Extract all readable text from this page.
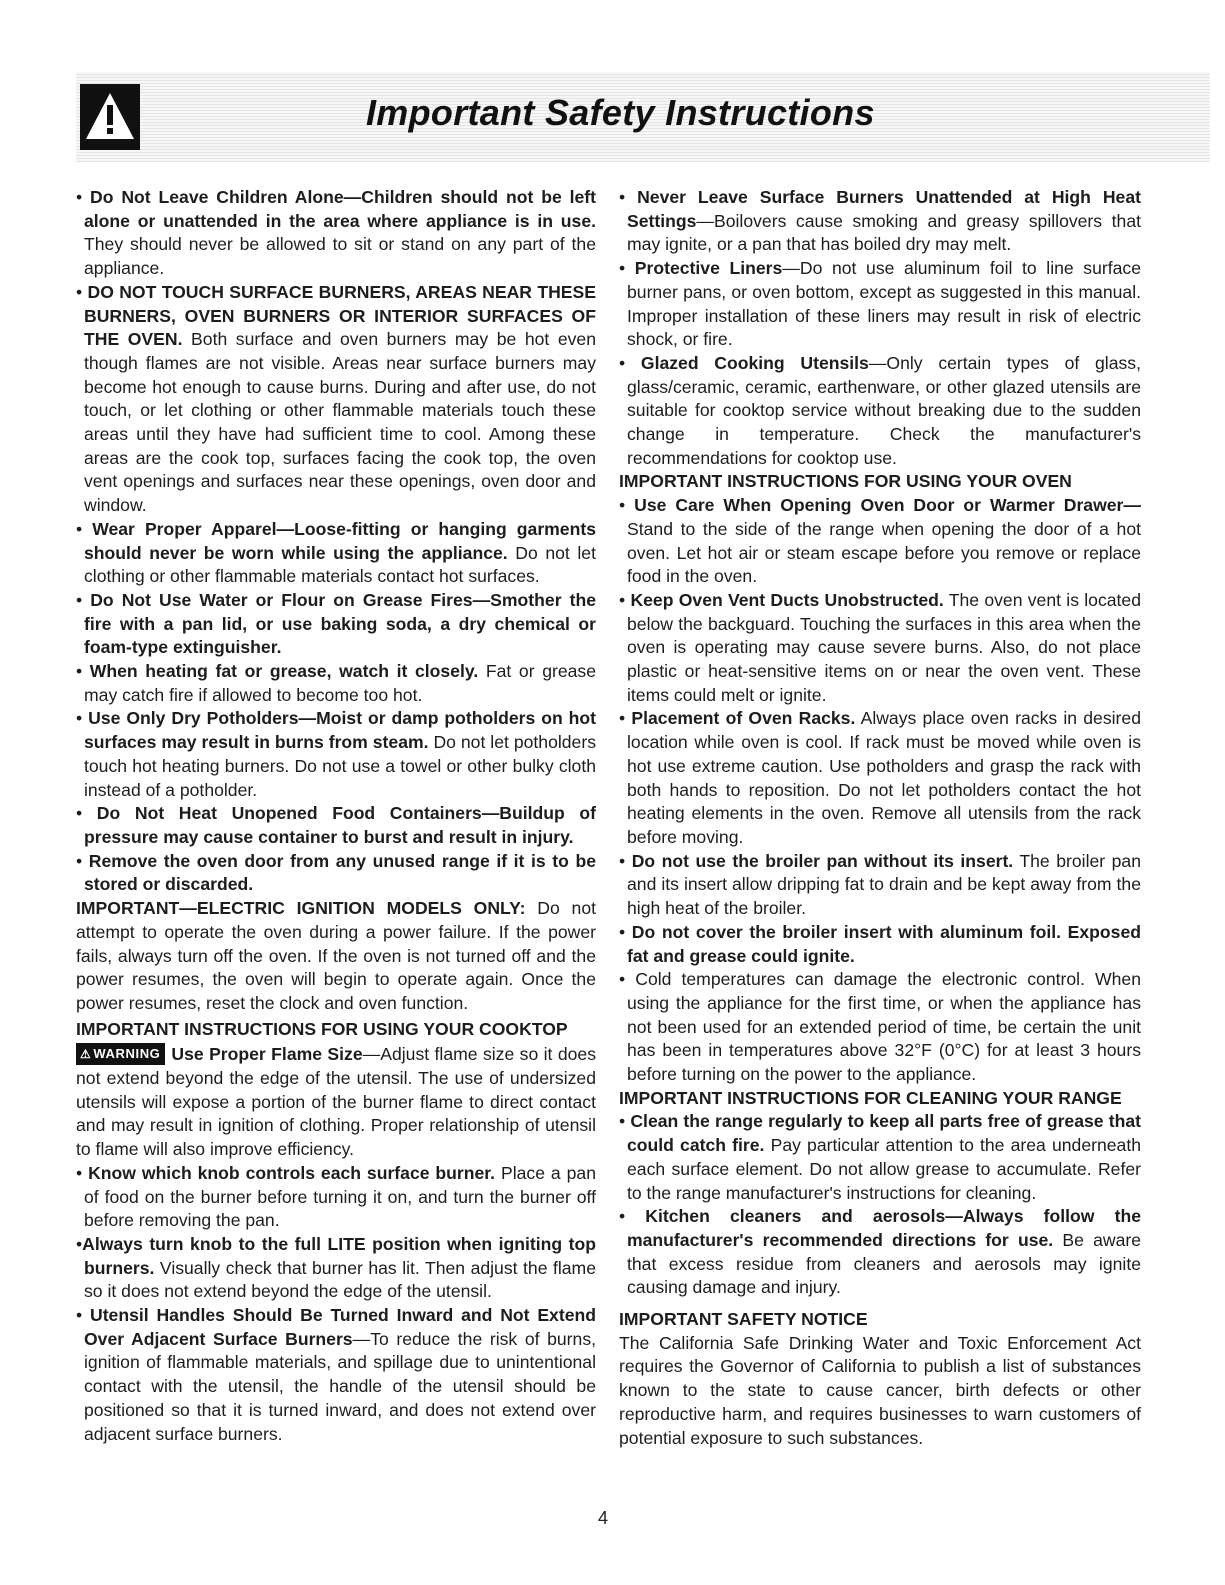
Important Safety Instructions

• Do Not Leave Children Alone—Children should not be left alone or unattended in the area where appliance is in use. They should never be allowed to sit or stand on any part of the appliance.

• DO NOT TOUCH SURFACE BURNERS, AREAS NEAR THESE BURNERS, OVEN BURNERS OR INTERIOR SURFACES OF THE OVEN. Both surface and oven burners may be hot even though flames are not visible. Areas near surface burners may become hot enough to cause burns. During and after use, do not touch, or let clothing or other flammable materials touch these areas until they have had sufficient time to cool. Among these areas are the cook top, surfaces facing the cook top, the oven vent openings and surfaces near these openings, oven door and window.

• Wear Proper Apparel—Loose-fitting or hanging garments should never be worn while using the appliance. Do not let clothing or other flammable materials contact hot surfaces.

• Do Not Use Water or Flour on Grease Fires—Smother the fire with a pan lid, or use baking soda, a dry chemical or foam-type extinguisher.

• When heating fat or grease, watch it closely. Fat or grease may catch fire if allowed to become too hot.

• Use Only Dry Potholders—Moist or damp potholders on hot surfaces may result in burns from steam. Do not let potholders touch hot heating burners. Do not use a towel or other bulky cloth instead of a potholder.

• Do Not Heat Unopened Food Containers—Buildup of pressure may cause container to burst and result in injury.

• Remove the oven door from any unused range if it is to be stored or discarded.

IMPORTANT—ELECTRIC IGNITION MODELS ONLY: Do not attempt to operate the oven during a power failure. If the power fails, always turn off the oven. If the oven is not turned off and the power resumes, the oven will begin to operate again. Once the power resumes, reset the clock and oven function.

IMPORTANT INSTRUCTIONS FOR USING YOUR COOKTOP

⚠ WARNING Use Proper Flame Size—Adjust flame size so it does not extend beyond the edge of the utensil. The use of undersized utensils will expose a portion of the burner flame to direct contact and may result in ignition of clothing. Proper relationship of utensil to flame will also improve efficiency.

• Know which knob controls each surface burner. Place a pan of food on the burner before turning it on, and turn the burner off before removing the pan.

•Always turn knob to the full LITE position when igniting top burners. Visually check that burner has lit. Then adjust the flame so it does not extend beyond the edge of the utensil.

• Utensil Handles Should Be Turned Inward and Not Extend Over Adjacent Surface Burners—To reduce the risk of burns, ignition of flammable materials, and spillage due to unintentional contact with the utensil, the handle of the utensil should be positioned so that it is turned inward, and does not extend over adjacent surface burners.

• Never Leave Surface Burners Unattended at High Heat Settings—Boilovers cause smoking and greasy spillovers that may ignite, or a pan that has boiled dry may melt.

• Protective Liners—Do not use aluminum foil to line surface burner pans, or oven bottom, except as suggested in this manual. Improper installation of these liners may result in risk of electric shock, or fire.

• Glazed Cooking Utensils—Only certain types of glass, glass/ceramic, ceramic, earthenware, or other glazed utensils are suitable for cooktop service without breaking due to the sudden change in temperature. Check the manufacturer's recommendations for cooktop use.

IMPORTANT INSTRUCTIONS FOR USING YOUR OVEN

• Use Care When Opening Oven Door or Warmer Drawer—Stand to the side of the range when opening the door of a hot oven. Let hot air or steam escape before you remove or replace food in the oven.

• Keep Oven Vent Ducts Unobstructed. The oven vent is located below the backguard. Touching the surfaces in this area when the oven is operating may cause severe burns. Also, do not place plastic or heat-sensitive items on or near the oven vent. These items could melt or ignite.

• Placement of Oven Racks. Always place oven racks in desired location while oven is cool. If rack must be moved while oven is hot use extreme caution. Use potholders and grasp the rack with both hands to reposition. Do not let potholders contact the hot heating elements in the oven. Remove all utensils from the rack before moving.

• Do not use the broiler pan without its insert. The broiler pan and its insert allow dripping fat to drain and be kept away from the high heat of the broiler.

• Do not cover the broiler insert with aluminum foil. Exposed fat and grease could ignite.

• Cold temperatures can damage the electronic control. When using the appliance for the first time, or when the appliance has not been used for an extended period of time, be certain the unit has been in temperatures above 32°F (0°C) for at least 3 hours before turning on the power to the appliance.

IMPORTANT INSTRUCTIONS FOR CLEANING YOUR RANGE

• Clean the range regularly to keep all parts free of grease that could catch fire. Pay particular attention to the area underneath each surface element. Do not allow grease to accumulate. Refer to the range manufacturer's instructions for cleaning.

• Kitchen cleaners and aerosols—Always follow the manufacturer's recommended directions for use. Be aware that excess residue from cleaners and aerosols may ignite causing damage and injury.

IMPORTANT SAFETY NOTICE

The California Safe Drinking Water and Toxic Enforcement Act requires the Governor of California to publish a list of substances known to the state to cause cancer, birth defects or other reproductive harm, and requires businesses to warn customers of potential exposure to such substances.

4
